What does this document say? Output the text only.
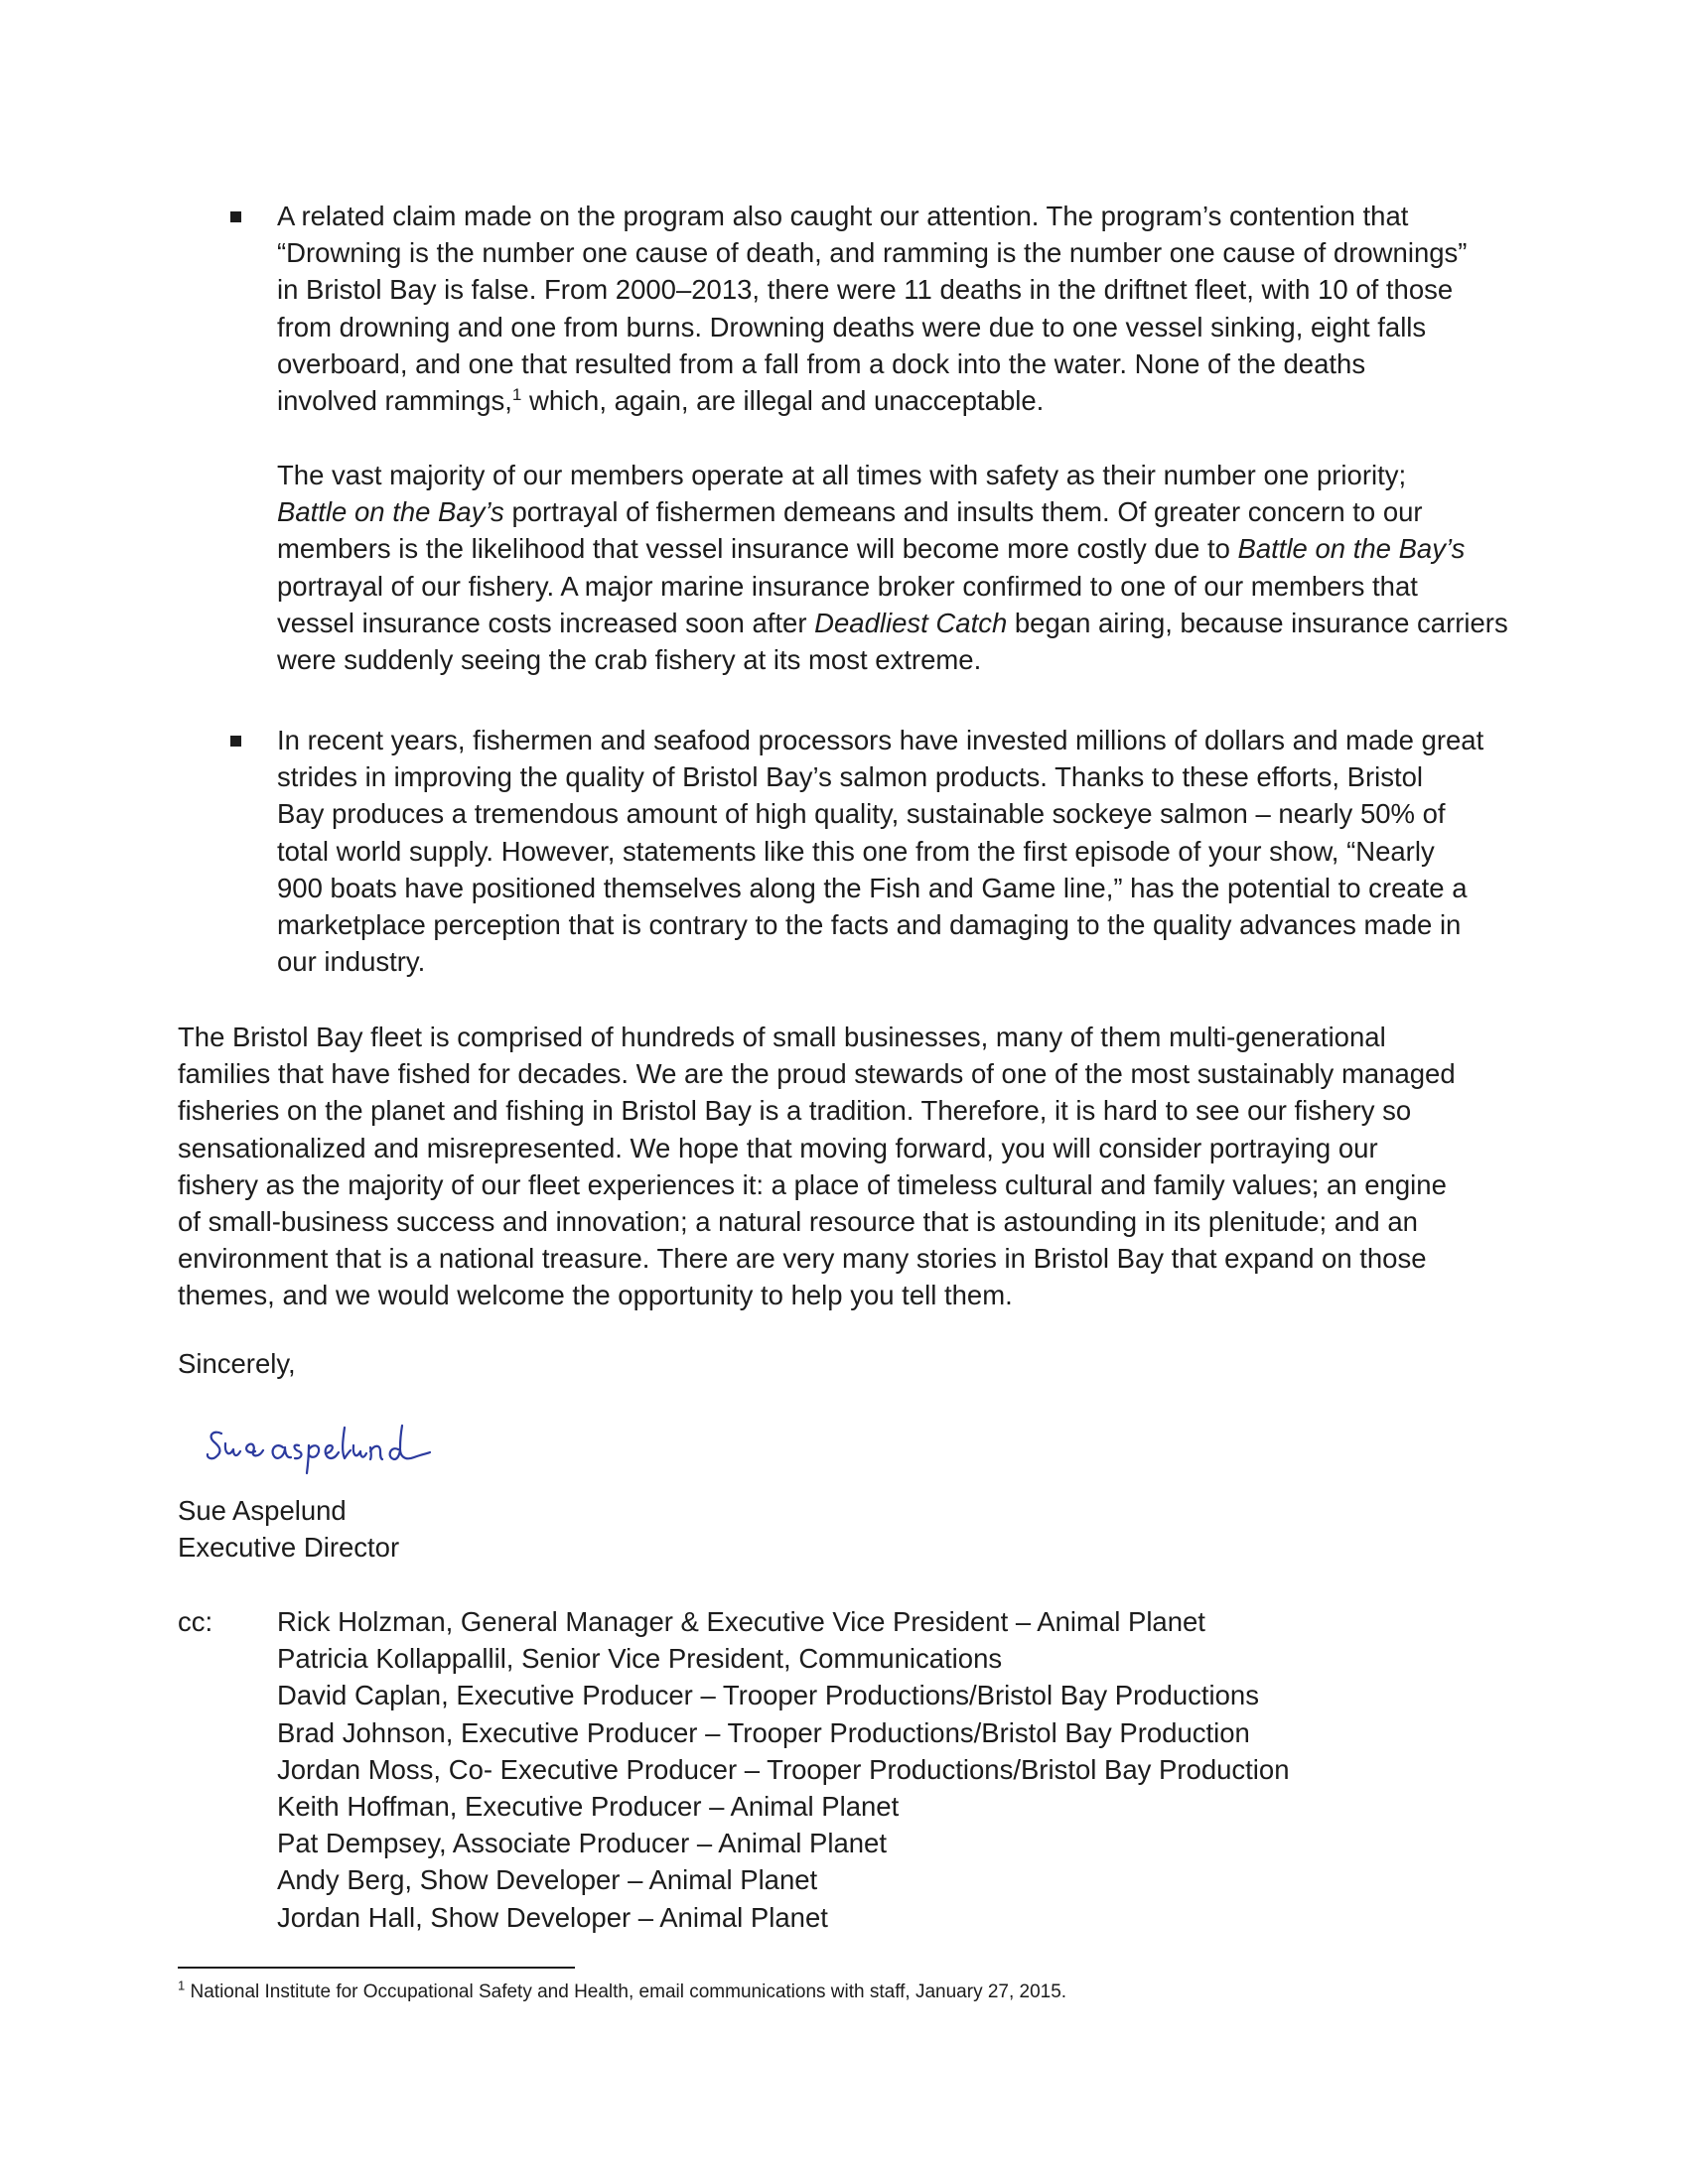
A related claim made on the program also caught our attention. The program’s contention that
“Drowning is the number one cause of death, and ramming is the number one cause of drownings”
in Bristol Bay is false. From 2000–2013, there were 11 deaths in the driftnet fleet, with 10 of those
from drowning and one from burns. Drowning deaths were due to one vessel sinking, eight falls
overboard, and one that resulted from a fall from a dock into the water. None of the deaths
involved rammings,$^1$ which, again, are illegal and unacceptable.

The vast majority of our members operate at all times with safety as their number one priority;
Battle on the Bay’s portrayal of fishermen demeans and insults them. Of greater concern to our
members is the likelihood that vessel insurance will become more costly due to Battle on the Bay’s
portrayal of our fishery. A major marine insurance broker confirmed to one of our members that
vessel insurance costs increased soon after Deadliest Catch began airing, because insurance carriers
were suddenly seeing the crab fishery at its most extreme.

In recent years, fishermen and seafood processors have invested millions of dollars and made great
strides in improving the quality of Bristol Bay’s salmon products. Thanks to these efforts, Bristol
Bay produces a tremendous amount of high quality, sustainable sockeye salmon – nearly 50% of
total world supply. However, statements like this one from the first episode of your show, “Nearly
900 boats have positioned themselves along the Fish and Game line,” has the potential to create a
marketplace perception that is contrary to the facts and damaging to the quality advances made in
our industry.

The Bristol Bay fleet is comprised of hundreds of small businesses, many of them multi-generational
families that have fished for decades. We are the proud stewards of one of the most sustainably managed
fisheries on the planet and fishing in Bristol Bay is a tradition. Therefore, it is hard to see our fishery so
sensationalized and misrepresented. We hope that moving forward, you will consider portraying our
fishery as the majority of our fleet experiences it: a place of timeless cultural and family values; an engine
of small-business success and innovation; a natural resource that is astounding in its plenitude; and an
environment that is a national treasure. There are very many stories in Bristol Bay that expand on those
themes, and we would welcome the opportunity to help you tell them.

Sincerely,

Sue Aspelund
Executive Director

cc: Rick Holzman, General Manager & Executive Vice President – Animal Planet
Patricia Kollappallil, Senior Vice President, Communications
David Caplan, Executive Producer – Trooper Productions/Bristol Bay Productions
Brad Johnson, Executive Producer – Trooper Productions/Bristol Bay Production
Jordan Moss, Co- Executive Producer – Trooper Productions/Bristol Bay Production
Keith Hoffman, Executive Producer – Animal Planet
Pat Dempsey, Associate Producer – Animal Planet
Andy Berg, Show Developer – Animal Planet
Jordan Hall, Show Developer – Animal Planet
$^1$ National Institute for Occupational Safety and Health, email communications with staff, January 27, 2015.
